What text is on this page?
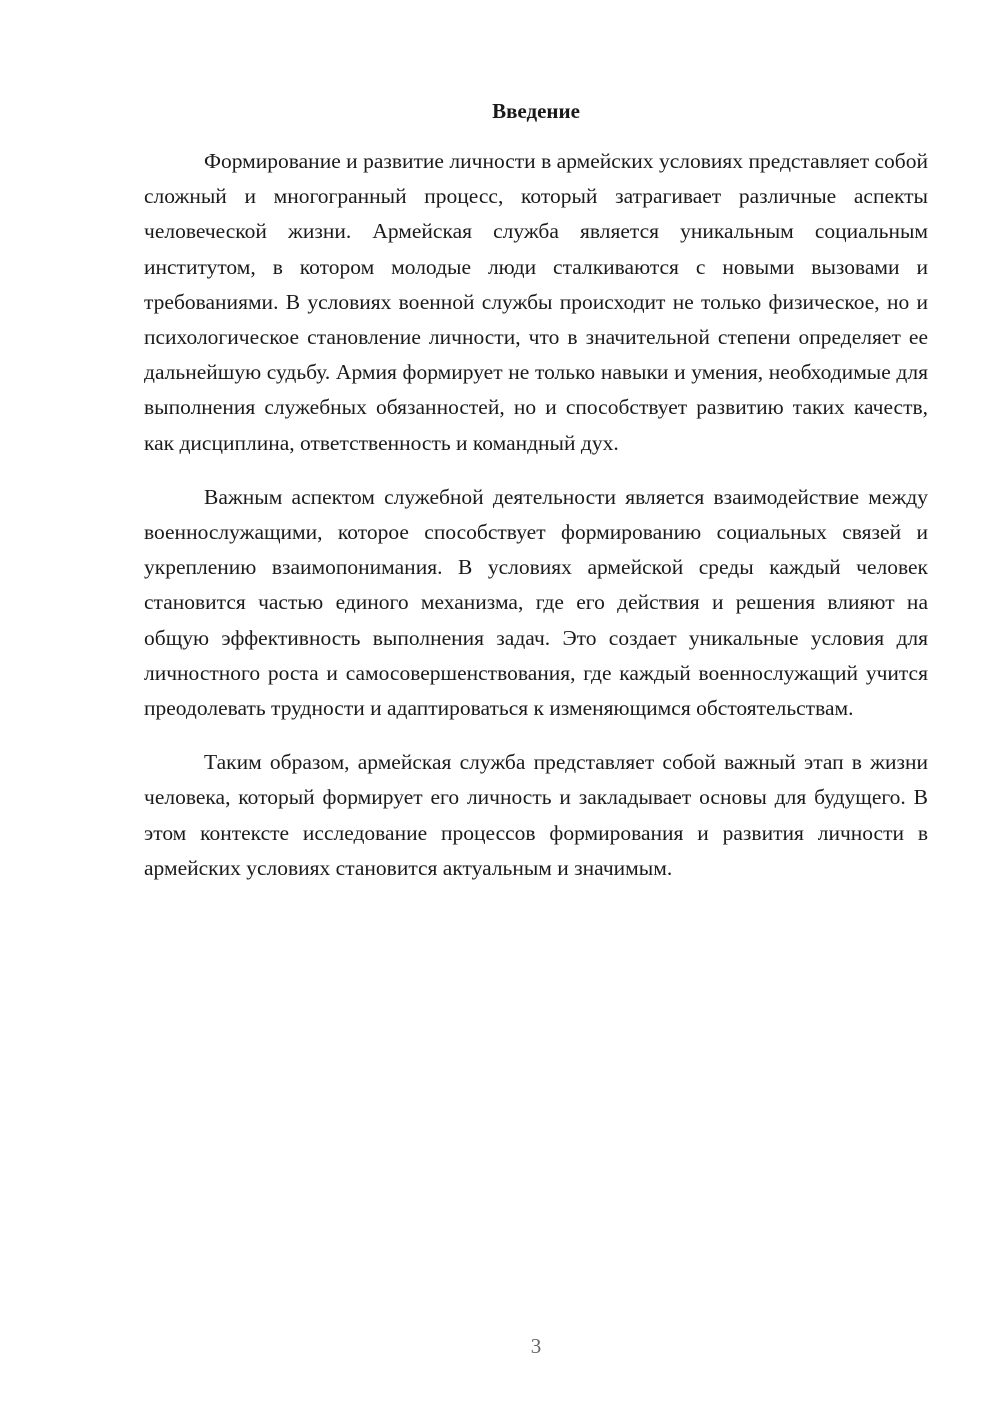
Введение

Формирование и развитие личности в армейских условиях представляет собой сложный и многогранный процесс, который затрагивает различные аспекты человеческой жизни. Армейская служба является уникальным социальным институтом, в котором молодые люди сталкиваются с новыми вызовами и требованиями. В условиях военной службы происходит не только физическое, но и психологическое становление личности, что в значительной степени определяет ее дальнейшую судьбу. Армия формирует не только навыки и умения, необходимые для выполнения служебных обязанностей, но и способствует развитию таких качеств, как дисциплина, ответственность и командный дух.

Важным аспектом служебной деятельности является взаимодействие между военнослужащими, которое способствует формированию социальных связей и укреплению взаимопонимания. В условиях армейской среды каждый человек становится частью единого механизма, где его действия и решения влияют на общую эффективность выполнения задач. Это создает уникальные условия для личностного роста и самосовершенствования, где каждый военнослужащий учится преодолевать трудности и адаптироваться к изменяющимся обстоятельствам.

Таким образом, армейская служба представляет собой важный этап в жизни человека, который формирует его личность и закладывает основы для будущего. В этом контексте исследование процессов формирования и развития личности в армейских условиях становится актуальным и значимым.

3
